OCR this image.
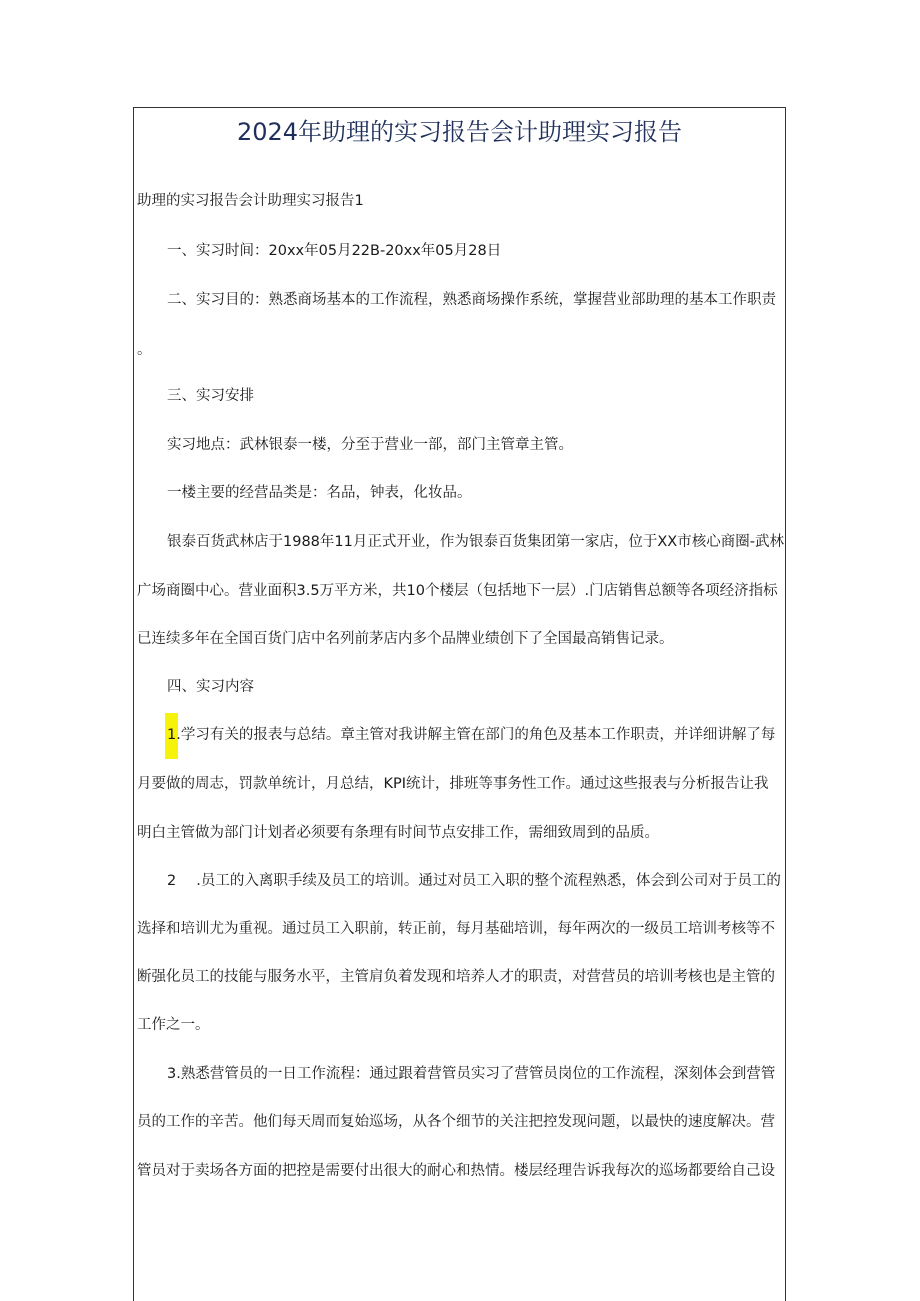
2024年助理的实习报告会计助理实习报告
助理的实习报告会计助理实习报告1
一、实习时间：20xx年05月22B-20xx年05月28日
二、实习目的：熟悉商场基本的工作流程，熟悉商场操作系统，掌握营业部助理的基本工作职责
。
三、实习安排
实习地点：武林银泰一楼，分至于营业一部，部门主管章主管。
一楼主要的经营品类是：名品，钟表，化妆品。
银泰百货武林店于1988年11月正式开业，作为银泰百货集团第一家店，位于XX市核心商圈-武林
广场商圈中心。营业面积3.5万平方米，共10个楼层（包括地下一层）.门店销售总额等各项经济指标
已连续多年在全国百货门店中名列前茅店内多个品牌业绩创下了全国最高销售记录。
四、实习内容
1.学习有关的报表与总结。章主管对我讲解主管在部门的角色及基本工作职责，并详细讲解了每
月要做的周志，罚款单统计，月总结，KPI统计，排班等事务性工作。通过这些报表与分析报告让我
明白主管做为部门计划者必须要有条理有时间节点安排工作，需细致周到的品质。
2 .员工的入离职手续及员工的培训。通过对员工入职的整个流程熟悉，体会到公司对于员工的
选择和培训尤为重视。通过员工入职前，转正前，每月基础培训，每年两次的一级员工培训考核等不
断强化员工的技能与服务水平，主管肩负着发现和培养人才的职责，对营营员的培训考核也是主管的
工作之一。
3.熟悉营管员的一日工作流程：通过跟着营管员实习了营管员岗位的工作流程，深刻体会到营管
员的工作的辛苦。他们每天周而复始巡场，从各个细节的关注把控发现问题，以最快的速度解决。营
管员对于卖场各方面的把控是需要付出很大的耐心和热情。楼层经理告诉我每次的巡场都要给自己设
